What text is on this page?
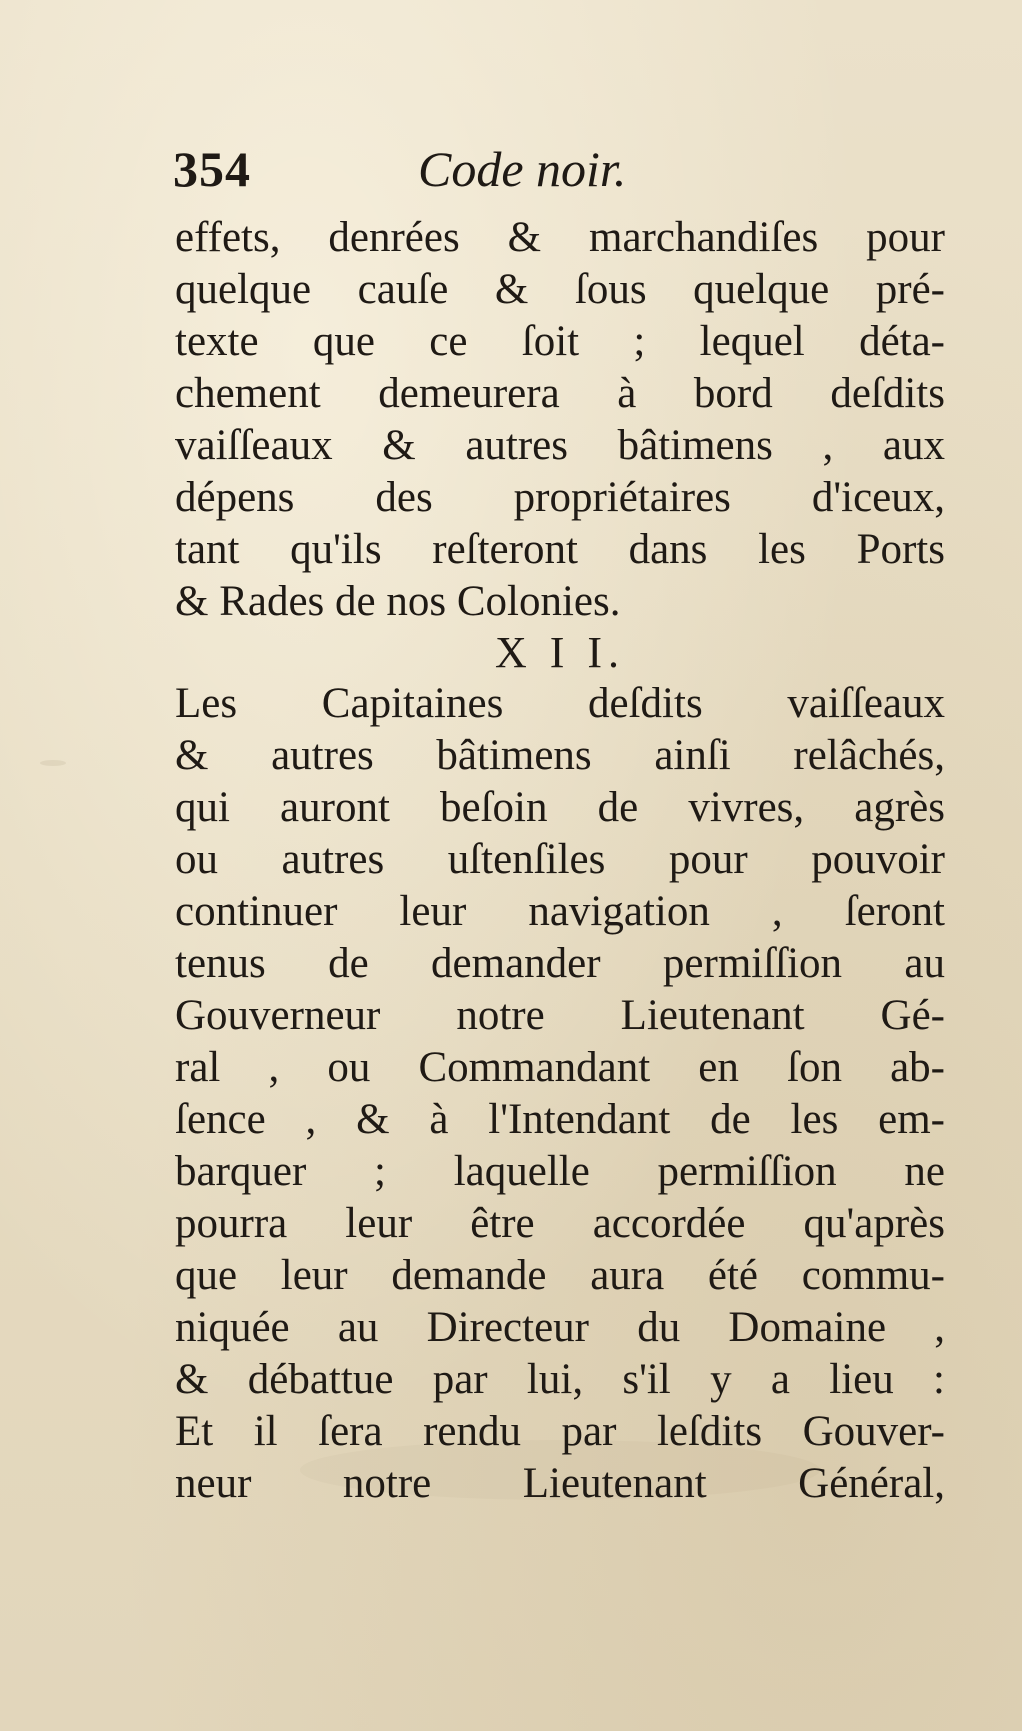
354	Code noir.
effets, denrées & marchandiſes pour
quelque cauſe & ſous quelque pré-
texte que ce ſoit ; lequel déta-
chement demeurera à bord deſdits
vaiſſeaux & autres bâtimens , aux
dépens des propriétaires d'iceux,
tant qu'ils reſteront dans les Ports
& Rades de nos Colonies.
X I I.
Les Capitaines deſdits vaiſſeaux
& autres bâtimens ainſi relâchés,
qui auront beſoin de vivres, agrès
ou autres uſtenſiles pour pouvoir
continuer leur navigation , ſeront
tenus de demander permiſſion au
Gouverneur notre Lieutenant Gé-
ral , ou Commandant en ſon ab-
ſence , & à l'Intendant de les em-
barquer ; laquelle permiſſion ne
pourra leur être accordée qu'après
que leur demande aura été commu-
niquée au Directeur du Domaine ,
& débattue par lui, s'il y a lieu :
Et il ſera rendu par leſdits Gouver-
neur notre Lieutenant Général,
